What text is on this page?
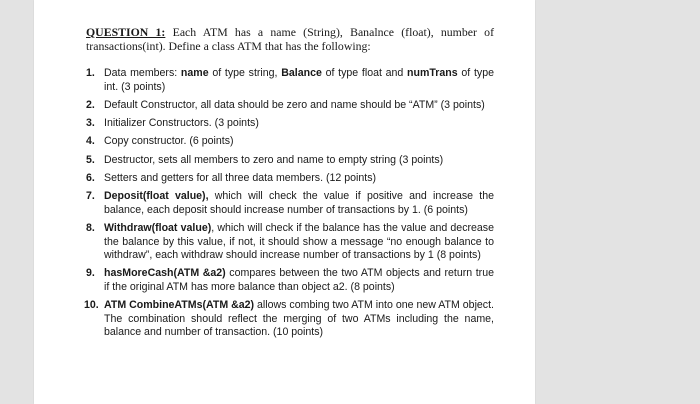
QUESTION 1: Each ATM has a name (String), Banalnce (float), number of transactions(int). Define a class ATM that has the following:

1. Data members: name of type string, Balance of type float and numTrans of type int. (3 points)
2. Default Constructor, all data should be zero and name should be “ATM” (3 points)
3. Initializer Constructors. (3 points)
4. Copy constructor. (6 points)
5. Destructor, sets all members to zero and name to empty string (3 points)
6. Setters and getters for all three data members. (12 points)
7. Deposit(float value), which will check the value if positive and increase the balance, each deposit should increase number of transactions by 1. (6 points)
8. Withdraw(float value), which will check if the balance has the value and decrease the balance by this value, if not, it should show a message “no enough balance to withdraw”, each withdraw should increase number of transactions by 1 (8 points)
9. hasMoreCash(ATM &a2) compares between the two ATM objects and return true if the original ATM has more balance than object a2. (8 points)
10. ATM CombineATMs(ATM &a2) allows combing two ATM into one new ATM object. The combination should reflect the merging of two ATMs including the name, balance and number of transaction. (10 points)
